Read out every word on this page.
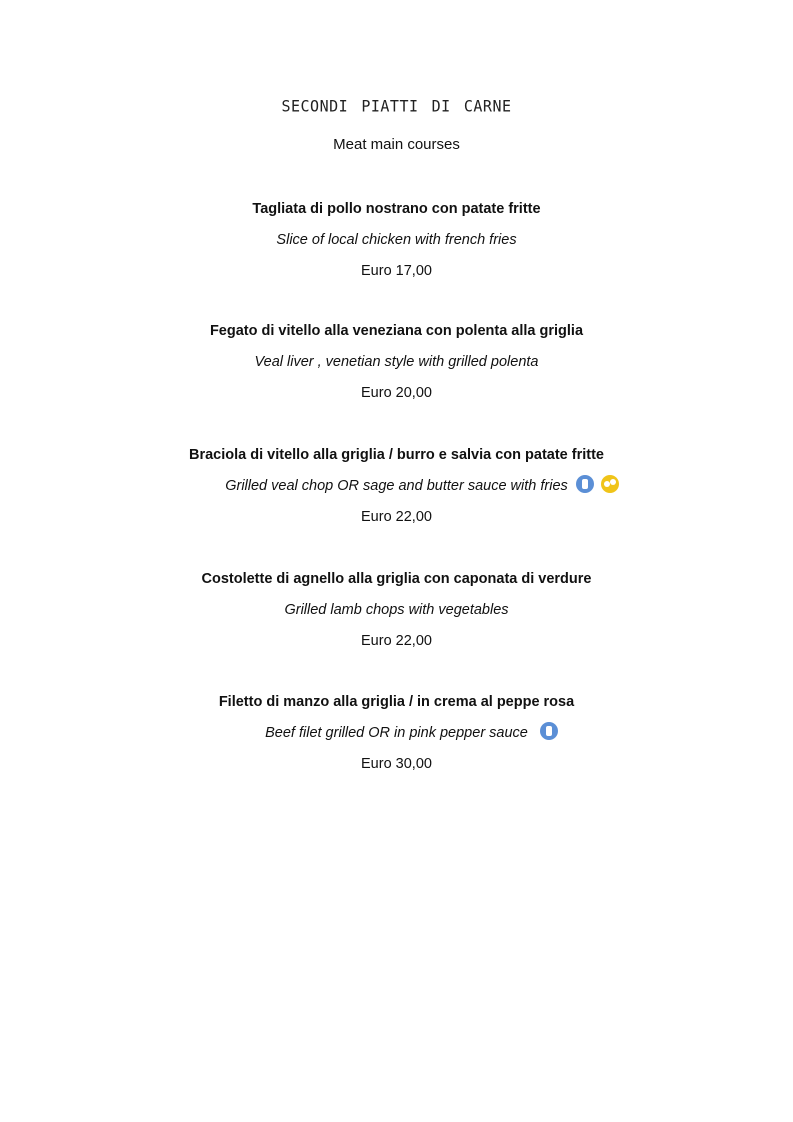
secondi piatti di carne
Meat main courses
Tagliata di pollo nostrano con patate fritte
Slice of local chicken with french fries
Euro 17,00
Fegato di vitello alla veneziana con polenta alla griglia
Veal liver , venetian style with grilled polenta
Euro 20,00
Braciola di vitello alla griglia / burro e salvia con patate fritte
Grilled veal chop OR sage and butter sauce with fries

Euro 22,00
Costolette di agnello alla griglia con caponata di verdure
Grilled lamb chops with vegetables
Euro 22,00
Filetto di manzo alla griglia / in crema al peppe rosa
Beef filet grilled OR in pink pepper sauce
Euro 30,00
